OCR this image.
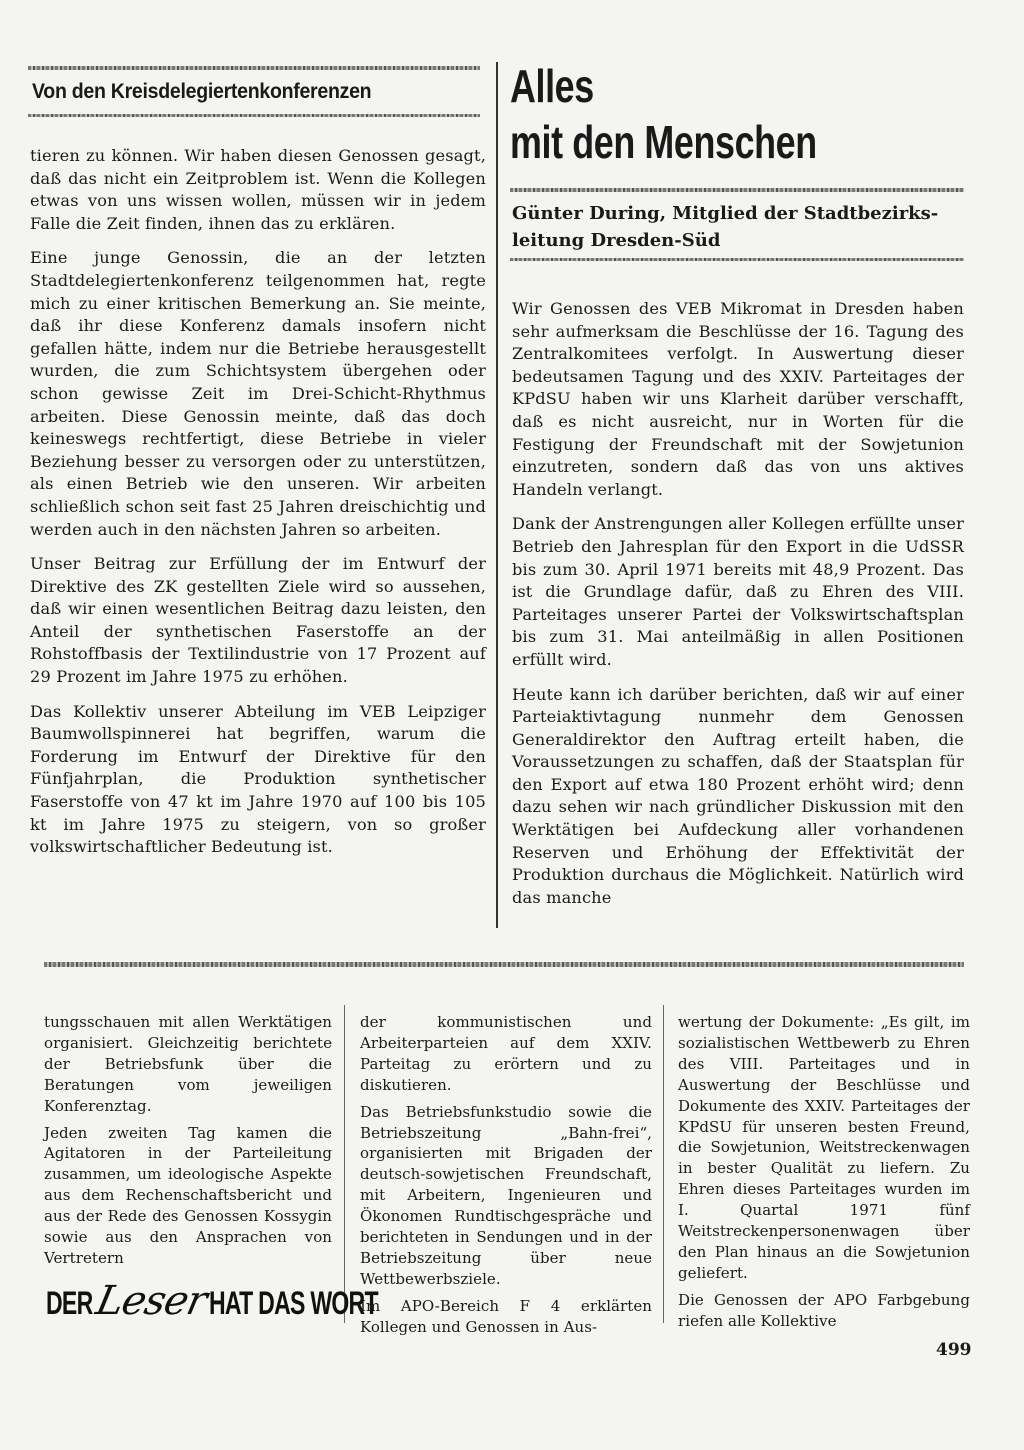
Von den Kreisdelegiertenkonferenzen

tieren zu können. Wir haben diesen Genossen gesagt, daß das nicht ein Zeitproblem ist. Wenn die Kollegen etwas von uns wissen wollen, müssen wir in jedem Falle die Zeit finden, ihnen das zu erklären.

Eine junge Genossin, die an der letzten Stadtdelegiertenkonferenz teilgenommen hat, regte mich zu einer kritischen Bemerkung an. Sie meinte, daß ihr diese Konferenz damals insofern nicht gefallen hätte, indem nur die Betriebe herausgestellt wurden, die zum Schichtsystem übergehen oder schon gewisse Zeit im Drei-Schicht-Rhythmus arbeiten. Diese Genossin meinte, daß das doch keineswegs rechtfertigt, diese Betriebe in vieler Beziehung besser zu versorgen oder zu unterstützen, als einen Betrieb wie den unseren. Wir arbeiten schließlich schon seit fast 25 Jahren dreischichtig und werden auch in den nächsten Jahren so arbeiten.

Unser Beitrag zur Erfüllung der im Entwurf der Direktive des ZK gestellten Ziele wird so aussehen, daß wir einen wesentlichen Beitrag dazu leisten, den Anteil der synthetischen Faserstoffe an der Rohstoffbasis der Textilindustrie von 17 Prozent auf 29 Prozent im Jahre 1975 zu erhöhen.

Das Kollektiv unserer Abteilung im VEB Leipziger Baumwollspinnerei hat begriffen, warum die Forderung im Entwurf der Direktive für den Fünfjahrplan, die Produktion synthetischer Faserstoffe von 47 kt im Jahre 1970 auf 100 bis 105 kt im Jahre 1975 zu steigern, von so großer volkswirtschaftlicher Bedeutung ist.

Alles
mit den Menschen
Günter During, Mitglied der Stadtbezirks-
leitung Dresden-Süd

Wir Genossen des VEB Mikromat in Dresden haben sehr aufmerksam die Beschlüsse der 16. Tagung des Zentralkomitees verfolgt. In Auswertung dieser bedeutsamen Tagung und des XXIV. Parteitages der KPdSU haben wir uns Klarheit darüber verschafft, daß es nicht ausreicht, nur in Worten für die Festigung der Freundschaft mit der Sowjetunion einzutreten, sondern daß das von uns aktives Handeln verlangt.

Dank der Anstrengungen aller Kollegen erfüllte unser Betrieb den Jahresplan für den Export in die UdSSR bis zum 30. April 1971 bereits mit 48,9 Prozent. Das ist die Grundlage dafür, daß zu Ehren des VIII. Parteitages unserer Partei der Volkswirtschaftsplan bis zum 31. Mai anteilmäßig in allen Positionen erfüllt wird.

Heute kann ich darüber berichten, daß wir auf einer Parteiaktivtagung nunmehr dem Genossen Generaldirektor den Auftrag erteilt haben, die Voraussetzungen zu schaffen, daß der Staatsplan für den Export auf etwa 180 Prozent erhöht wird; denn dazu sehen wir nach gründlicher Diskussion mit den Werktätigen bei Aufdeckung aller vorhandenen Reserven und Erhöhung der Effektivität der Produktion durchaus die Möglichkeit. Natürlich wird das manche

tungsschauen mit allen Werktätigen organisiert. Gleichzeitig berichtete der Betriebsfunk über die Beratungen vom jeweiligen Konferenztag.

Jeden zweiten Tag kamen die Agitatoren in der Parteileitung zusammen, um ideologische Aspekte aus dem Rechenschaftsbericht und aus der Rede des Genossen Kossygin sowie aus den Ansprachen von Vertretern

der kommunistischen und Arbeiterparteien auf dem XXIV. Parteitag zu erörtern und zu diskutieren.

Das Betriebsfunkstudio sowie die Betriebszeitung „Bahn-frei“, organisierten mit Brigaden der deutsch-sowjetischen Freundschaft, mit Arbeitern, Ingenieuren und Ökonomen Rundtischgespräche und berichteten in Sendungen und in der Betriebszeitung über neue Wettbewerbsziele.

Im APO-Bereich F 4 erklärten Kollegen und Genossen in Aus-

wertung der Dokumente: „Es gilt, im sozialistischen Wettbewerb zu Ehren des VIII. Parteitages und in Auswertung der Beschlüsse und Dokumente des XXIV. Parteitages der KPdSU für unseren besten Freund, die Sowjetunion, Weitstreckenwagen in bester Qualität zu liefern. Zu Ehren dieses Parteitages wurden im I. Quartal 1971 fünf Weitstreckenpersonenwagen über den Plan hinaus an die Sowjetunion geliefert.

Die Genossen der APO Farbgebung riefen alle Kollektive

DER Leser HAT DAS WORT
499
